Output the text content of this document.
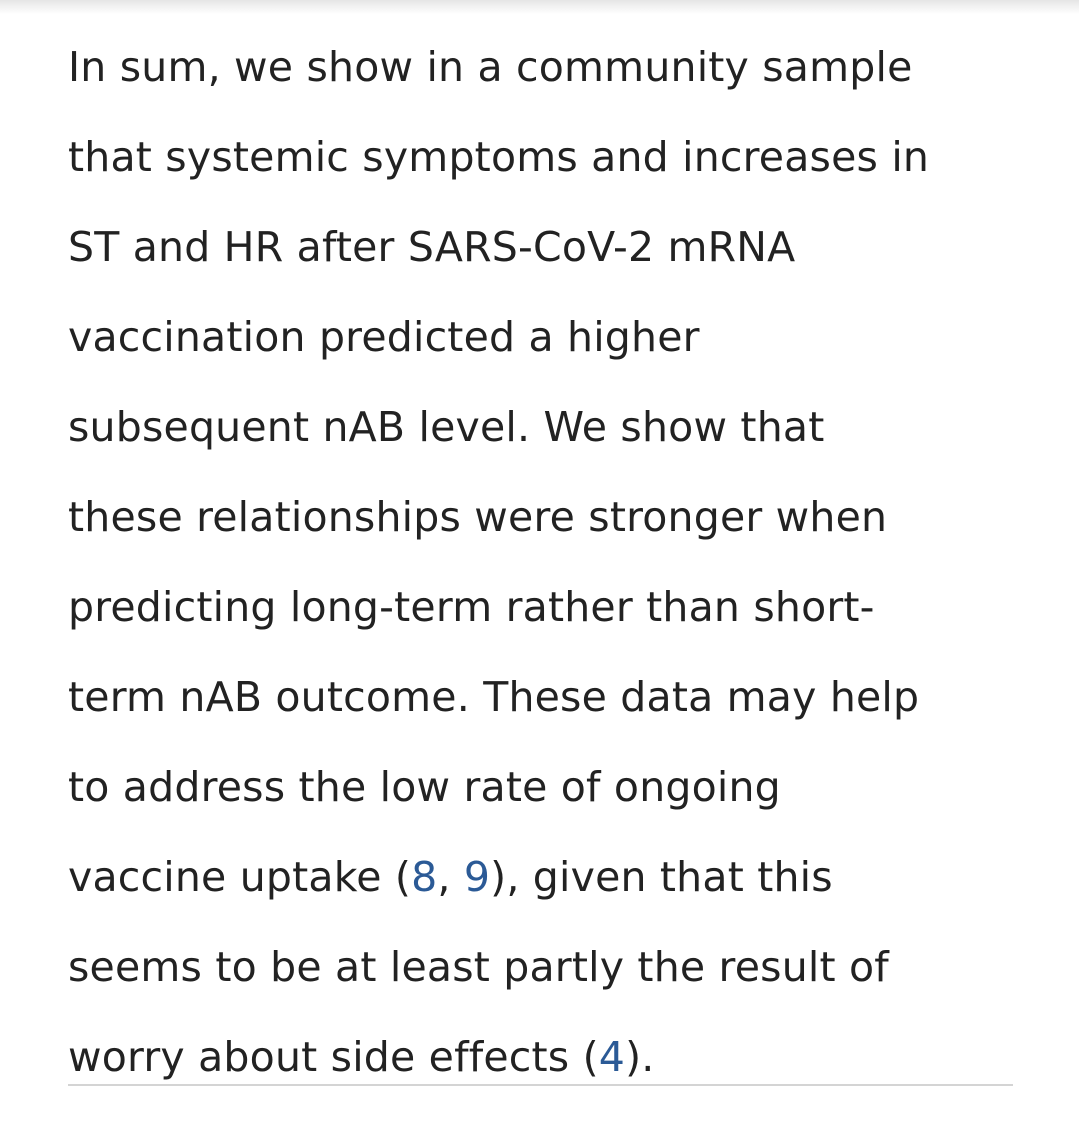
In sum, we show in a community sample
that systemic symptoms and increases in
ST and HR after SARS-CoV-2 mRNA
vaccination predicted a higher
subsequent nAB level. We show that
these relationships were stronger when
predicting long-term rather than short-
term nAB outcome. These data may help
to address the low rate of ongoing
vaccine uptake (8, 9), given that this
seems to be at least partly the result of
worry about side effects (4).
